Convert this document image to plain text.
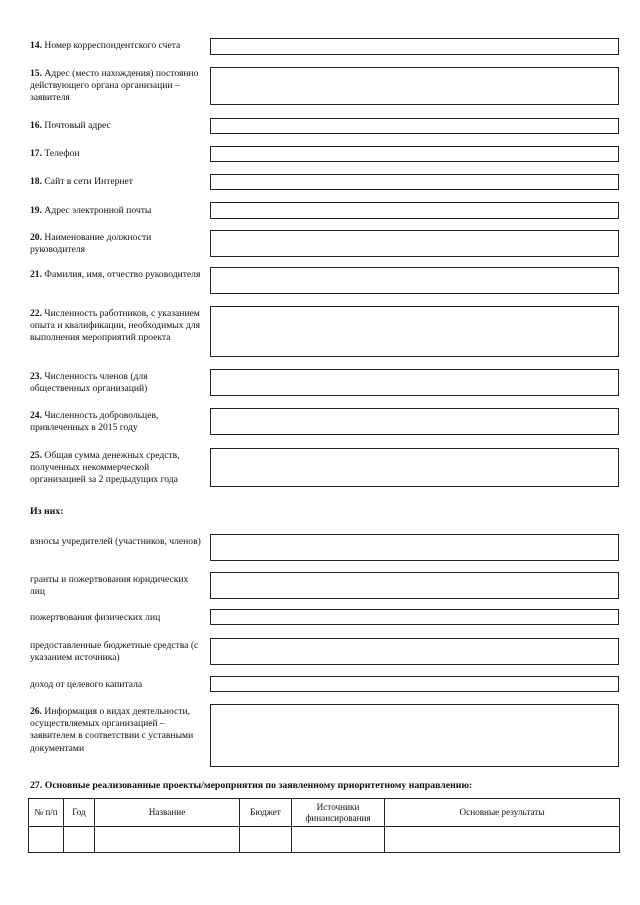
14. Номер корреспондентского счета
15. Адрес (место нахождения) постоянно действующего органа организации – заявителя
16. Почтовый адрес
17. Телефон
18. Сайт в сети Интернет
19. Адрес электронной почты
20. Наименование должности руководителя
21. Фамилия, имя, отчество руководителя
22. Численность работников, с указанием опыта и квалификации, необходимых для выполнения мероприятий проекта
23. Численность членов (для общественных организаций)
24. Численность добровольцев, привлеченных в 2015 году
25. Общая сумма денежных средств, полученных некоммерческой организацией за 2 предыдущих года
Из них:
взносы учредителей (участников, членов)
гранты и пожертвования юридических лиц
пожертвования физических лиц
предоставленные бюджетные средства (с указанием источника)
доход от целевого капитала
26. Информация о видах деятельности, осуществляемых организацией – заявителем в соответствии с уставными документами
27. Основные реализованные проекты/мероприятия по заявленному приоритетному направлению:
№ п/п	Год	Название	Бюджет	Источники финансирования	Основные результаты
